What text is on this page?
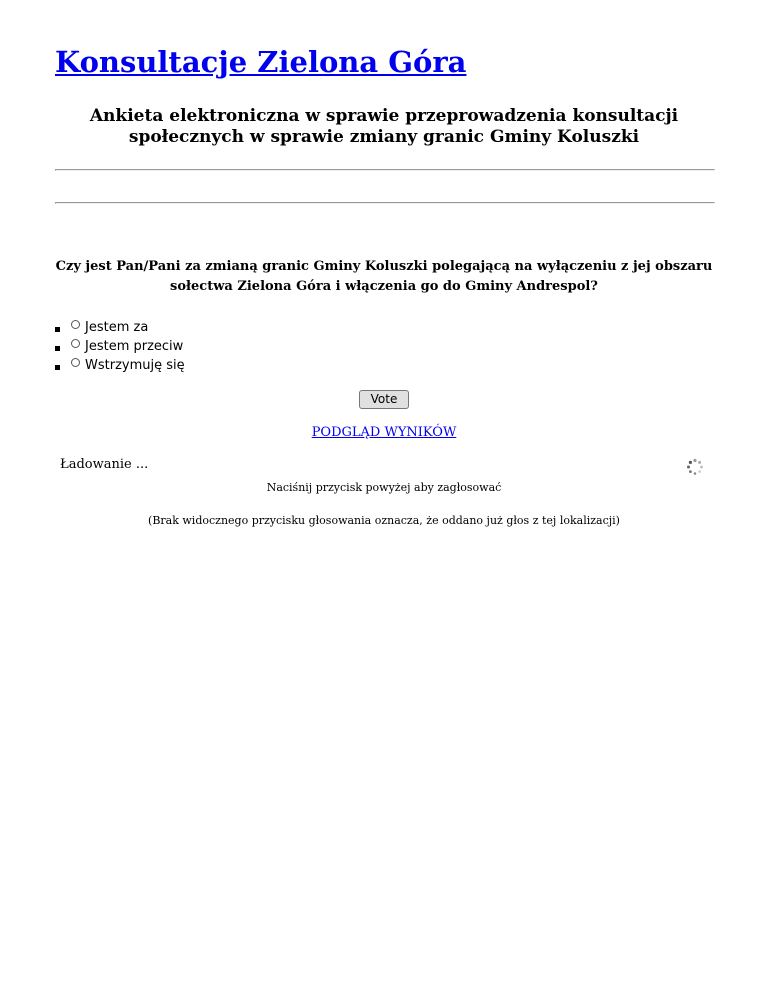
Konsultacje Zielona Góra
Ankieta elektroniczna w sprawie przeprowadzenia konsultacji społecznych w sprawie zmiany granic Gminy Koluszki

Czy jest Pan/Pani za zmianą granic Gminy Koluszki polegającą na wyłączeniu z jej obszaru sołectwa Zielona Góra i włączenia go do Gminy Andrespol?

Jestem za
Jestem przeciw
Wstrzymuję się
Vote
PODGLĄD WYNIKÓW
Ładowanie ...
Naciśnij przycisk powyżej aby zagłosować
(Brak widocznego przycisku głosowania oznacza, że oddano już głos z tej lokalizacji)
